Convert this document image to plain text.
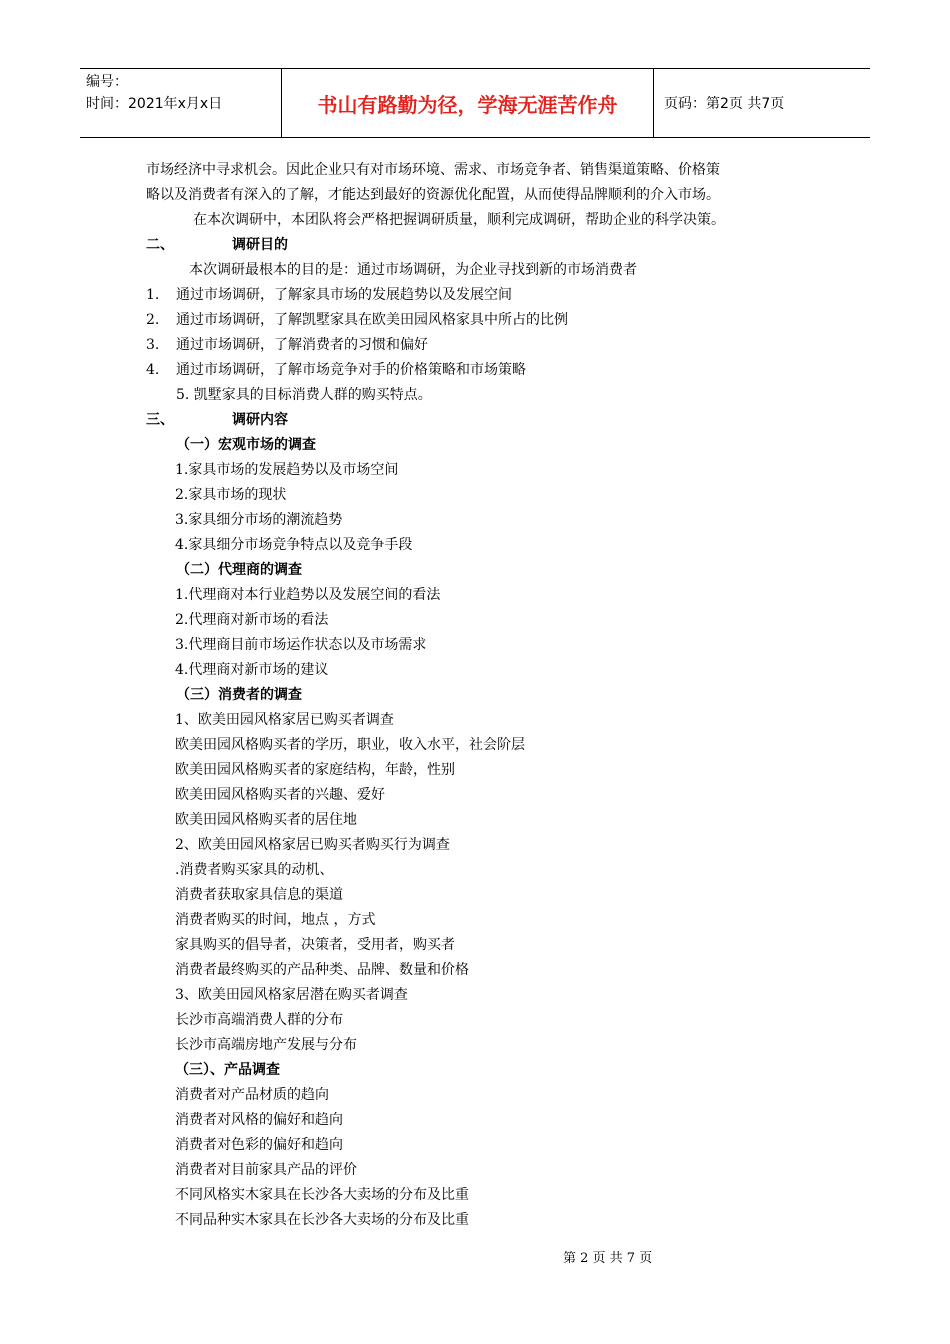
编号：
时间：2021年x月x日	书山有路勤为径，学海无涯苦作舟	页码：第2页 共7页
市场经济中寻求机会。因此企业只有对市场环境、需求、市场竞争者、销售渠道策略、价格策
略以及消费者有深入的了解，才能达到最好的资源优化配置，从而使得品牌顺利的介入市场。
在本次调研中，本团队将会严格把握调研质量，顺利完成调研，帮助企业的科学决策。
二、	调研目的
本次调研最根本的目的是：通过市场调研，为企业寻找到新的市场消费者
1. 通过市场调研，了解家具市场的发展趋势以及发展空间
2. 通过市场调研，了解凯墅家具在欧美田园风格家具中所占的比例
3. 通过市场调研，了解消费者的习惯和偏好
4. 通过市场调研，了解市场竞争对手的价格策略和市场策略
5. 凯墅家具的目标消费人群的购买特点。
三、	调研内容
（一）宏观市场的调查
1.家具市场的发展趋势以及市场空间
2.家具市场的现状
3.家具细分市场的潮流趋势
4.家具细分市场竞争特点以及竞争手段
（二）代理商的调查
1.代理商对本行业趋势以及发展空间的看法
2.代理商对新市场的看法
3.代理商目前市场运作状态以及市场需求
4.代理商对新市场的建议
（三）消费者的调查
1、欧美田园风格家居已购买者调查
欧美田园风格购买者的学历，职业，收入水平，社会阶层
欧美田园风格购买者的家庭结构，年龄，性别
欧美田园风格购买者的兴趣、爱好
欧美田园风格购买者的居住地
2、欧美田园风格家居已购买者购买行为调查
.消费者购买家具的动机、
消费者获取家具信息的渠道
消费者购买的时间，地点 ，方式
家具购买的倡导者，决策者，受用者，购买者
消费者最终购买的产品种类、品牌、数量和价格
3、欧美田园风格家居潜在购买者调查
长沙市高端消费人群的分布
长沙市高端房地产发展与分布
（三）、产品调查
消费者对产品材质的趋向
消费者对风格的偏好和趋向
消费者对色彩的偏好和趋向
消费者对目前家具产品的评价
不同风格实木家具在长沙各大卖场的分布及比重
不同品种实木家具在长沙各大卖场的分布及比重
第 2 页 共 7 页
